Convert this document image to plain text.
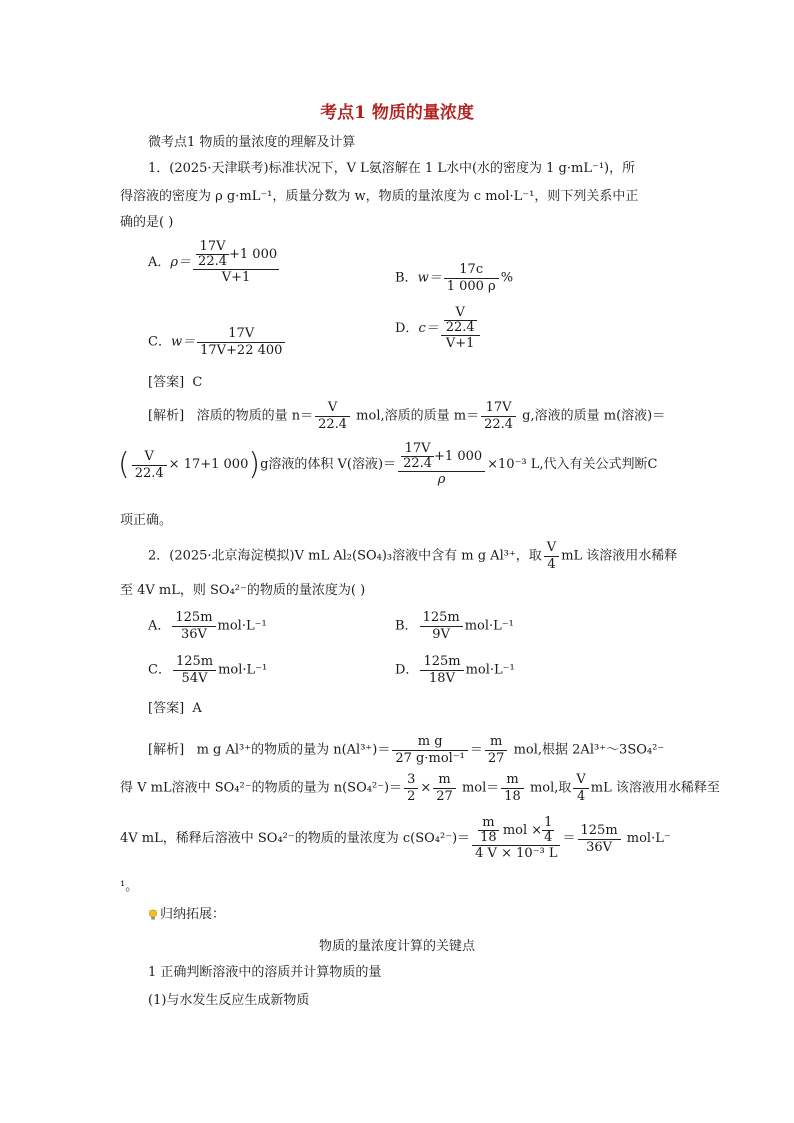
考点1 物质的量浓度
微考点1 物质的量浓度的理解及计算
1．(2025·天津联考)标准状况下，V L氨溶解在 1 L水中(水的密度为 1 g·mL⁻¹)，所
得溶液的密度为 ρ g·mL⁻¹，质量分数为 w，物质的量浓度为 c mol·L⁻¹，则下列关系中正
确的是( )
A．$\rho= \frac{\frac{17V}{22.4} +1 000}{V+1}$	B．$w= \frac{17c}{1 000 \rho}$ %
C．$w= \frac{17V}{17V+22 400}$	D．$c= \frac{\frac{V}{22.4}}{V+1}$
[答案] C
[解析] 溶质的物质的量 $n= \frac{V}{22.4}$ mol,溶质的质量 $m= \frac{17V}{22.4} g$,溶液的质量 m(溶液)＝
( $\frac{V}{22.4} \times 17+1$ 000)g溶液的体积 V(溶液)＝ $\frac{\frac{17V}{22.4} +1 000}{\rho} \times 10^{-3}$ L,代入有关公式判断C
项正确。
2．(2025·北京海淀模拟)V mL Al₂(SO₄)₃溶液中含有 m g Al³⁺，取 $\frac{V}{4}$ mL 该溶液用水稀释
至 4V mL，则 SO₄²⁻的物质的量浓度为( )
A． $\frac{125m}{36V} mol\cdot L^{-1}$	B． $\frac{125m}{9V} mol\cdot L^{-1}$
C． $\frac{125m}{54V} mol\cdot L^{-1}$	D． $\frac{125m}{18V} mol\cdot L^{-1}$
[答案] A
[解析] m g Al³⁺的物质的量为 $n(Al^{3+})= \frac{\text{m g}}{\text{27 g·mol⁻¹}} = \frac{m}{27}$ mol,根据 2Al³⁺～3SO₄²⁻
得 V mL溶液中 SO₄²⁻的物质的量为 $n(SO_4^{2-})= \frac{3}{2} \times \frac{m}{27} mol= \frac{m}{18}$ mol,取 $\frac{V}{4}$ mL 该溶液用水稀释至
4V mL，稀释后溶液中 SO₄²⁻的物质的量浓度为 $c(SO_4^{2-})= \frac{\frac{m}{18} mol \times \frac{1}{4}}{\text{4 V × 10⁻³ L}} = \frac{125m}{36V} mol\cdot L^-$
¹。
归纳拓展：
物质的量浓度计算的关键点
1 正确判断溶液中的溶质并计算物质的量
(1)与水发生反应生成新物质
